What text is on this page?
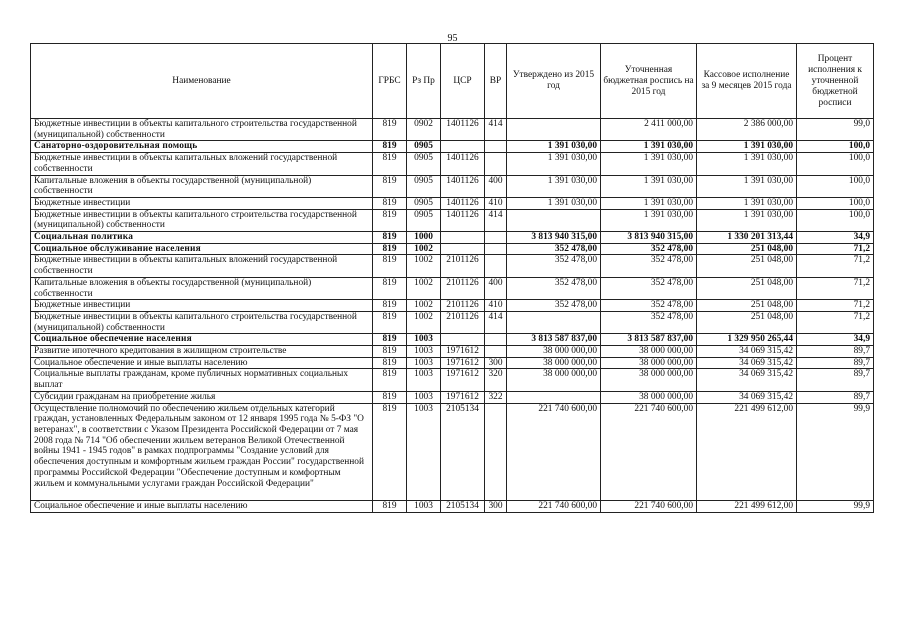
95
Наименование	ГРБС	Рз Пр	ЦСР	ВР	Утверждено из 2015 год	Уточненная бюджетная роспись на 2015 год	Кассовое исполнение за 9 месяцев 2015 года	Процент исполнения к уточненной бюджетной росписи
Бюджетные инвестиции в объекты капитального строительства государственной (муниципальной) собственности	819	0902	1401126	414		2 411 000,00	2 386 000,00	99,0
Санаторно-оздоровительная помощь	819	0905			1 391 030,00	1 391 030,00	1 391 030,00	100,0
Бюджетные инвестиции в объекты капитальных вложений государственной собственности	819	0905	1401126		1 391 030,00	1 391 030,00	1 391 030,00	100,0
Капитальные вложения в объекты государственной (муниципальной) собственности	819	0905	1401126	400	1 391 030,00	1 391 030,00	1 391 030,00	100,0
Бюджетные инвестиции	819	0905	1401126	410	1 391 030,00	1 391 030,00	1 391 030,00	100,0
Бюджетные инвестиции в объекты капитального строительства государственной (муниципальной) собственности	819	0905	1401126	414		1 391 030,00	1 391 030,00	100,0
Социальная политика	819	1000			3 813 940 315,00	3 813 940 315,00	1 330 201 313,44	34,9
Социальное обслуживание населения	819	1002			352 478,00	352 478,00	251 048,00	71,2
Бюджетные инвестиции в объекты капитальных вложений государственной собственности	819	1002	2101126		352 478,00	352 478,00	251 048,00	71,2
Капитальные вложения в объекты государственной (муниципальной) собственности	819	1002	2101126	400	352 478,00	352 478,00	251 048,00	71,2
Бюджетные инвестиции	819	1002	2101126	410	352 478,00	352 478,00	251 048,00	71,2
Бюджетные инвестиции в объекты капитального строительства государственной (муниципальной) собственности	819	1002	2101126	414		352 478,00	251 048,00	71,2
Социальное обеспечение населения	819	1003			3 813 587 837,00	3 813 587 837,00	1 329 950 265,44	34,9
Развитие ипотечного кредитования в жилищном строительстве	819	1003	1971612		38 000 000,00	38 000 000,00	34 069 315,42	89,7
Социальное обеспечение и иные выплаты населению	819	1003	1971612	300	38 000 000,00	38 000 000,00	34 069 315,42	89,7
Социальные выплаты гражданам, кроме публичных нормативных социальных выплат	819	1003	1971612	320	38 000 000,00	38 000 000,00	34 069 315,42	89,7
Субсидии гражданам на приобретение жилья	819	1003	1971612	322		38 000 000,00	34 069 315,42	89,7
Осуществление полномочий по обеспечению жильем отдельных категорий граждан, установленных Федеральным законом от 12 января 1995 года № 5-ФЗ "О ветеранах", в соответствии с Указом Президента Российской Федерации от 7 мая 2008 года № 714 "Об обеспечении жильем ветеранов Великой Отечественной войны 1941 - 1945 годов" в рамках подпрограммы "Создание условий для обеспечения доступным и комфортным жильем граждан России" государственной программы Российской Федерации "Обеспечение доступным и комфортным жильем и коммунальными услугами граждан Российской Федерации"	819	1003	2105134		221 740 600,00	221 740 600,00	221 499 612,00	99,9
Социальное обеспечение и иные выплаты населению	819	1003	2105134	300	221 740 600,00	221 740 600,00	221 499 612,00	99,9
